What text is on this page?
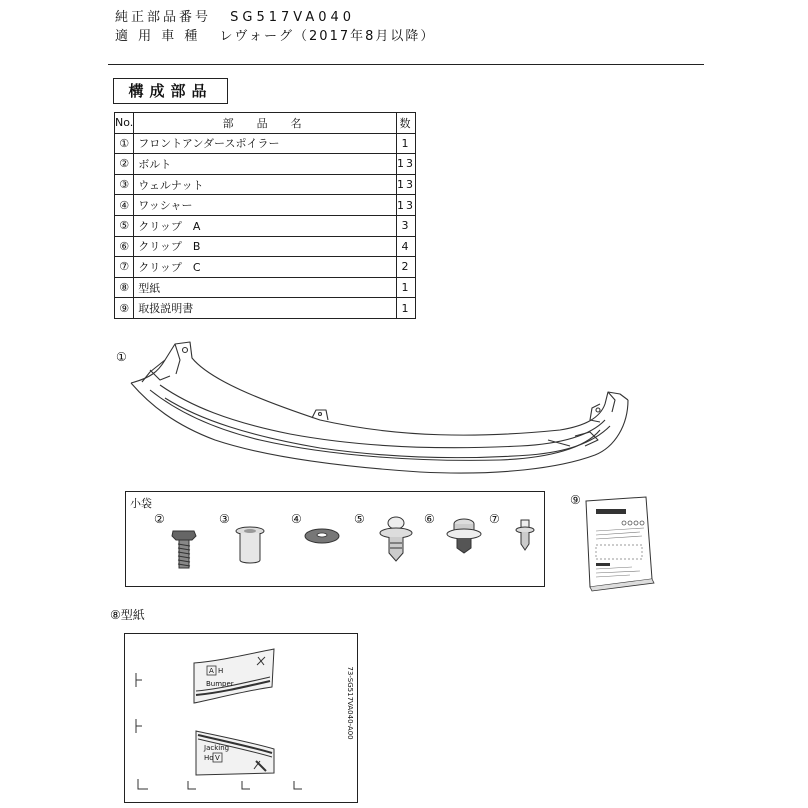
純正部品番号 SG517VA040
適 用 車 種 レヴォーグ（2017年8月以降）
構成部品
No.	部　品　名	数
①	フロントアンダースポイラー	1
②	ボルト	13
③	ウェルナット	13
④	ワッシャー	13
⑤	クリップ　A	3
⑥	クリップ　B	4
⑦	クリップ　C	2
⑧	型紙	1
⑨	取扱説明書	1
①
小袋
②	③	④	⑤	⑥	⑦
⑨
⑧型紙
A H
Bumper
Jacking
Ho V
73-SG517VA040-A00
